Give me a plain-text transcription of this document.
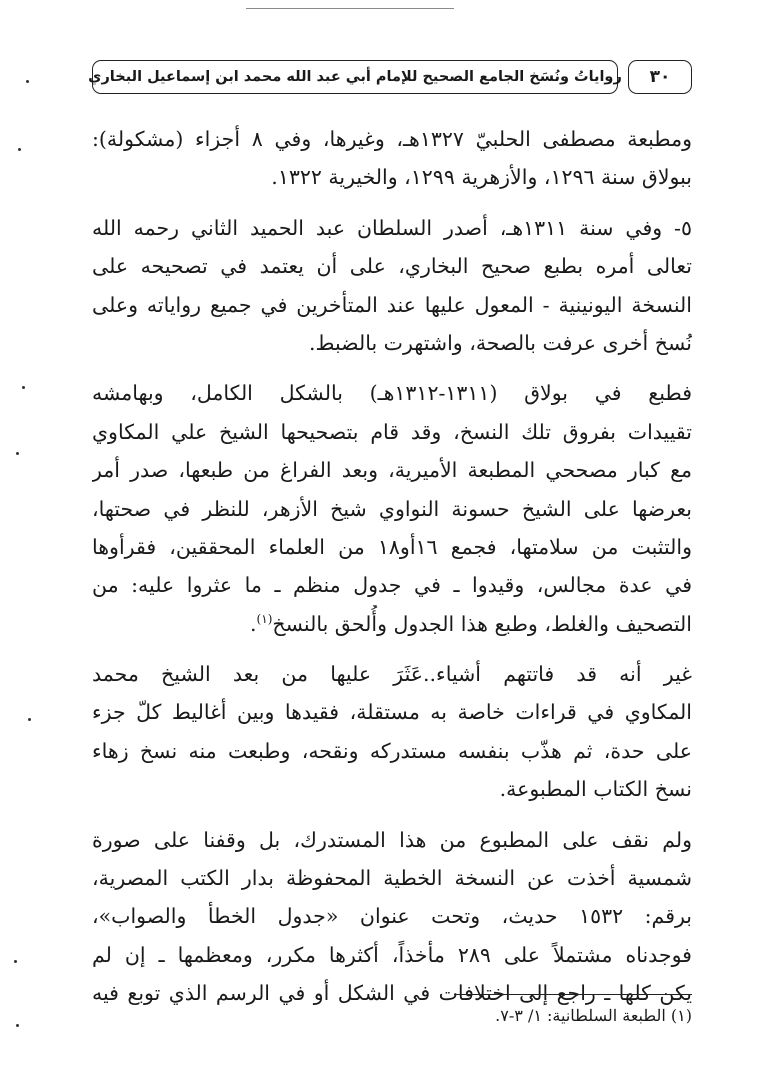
رواياتُ ونُسَخ الجامع الصحيح للإمام أبي عبد الله محمد ابن إسماعيل البخاري	٣٠
ومطبعة مصطفى الحلبيّ ١٣٢٧هـ، وغيرها، وفي ٨ أجزاء (مشكولة):
ببولاق سنة ١٢٩٦، والأزهرية ١٢٩٩، والخيرية ١٣٢٢.
٥- وفي سنة ١٣١١هـ، أصدر السلطان عبد الحميد الثاني رحمه الله
تعالى أمره بطبع صحيح البخاري، على أن يعتمد في تصحيحه على
النسخة اليونينية - المعول عليها عند المتأخرين في جميع رواياته وعلى
نُسخ أخرى عرفت بالصحة، واشتهرت بالضبط.
فطبع في بولاق (١٣١١-١٣١٢هـ) بالشكل الكامل، وبهامشه
تقييدات بفروق تلك النسخ، وقد قام بتصحيحها الشيخ علي المكاوي
مع كبار مصححي المطبعة الأميرية، وبعد الفراغ من طبعها، صدر أمر
بعرضها على الشيخ حسونة النواوي شيخ الأزهر، للنظر في صحتها،
والتثبت من سلامتها، فجمع ١٦أو١٨ من العلماء المحققين، فقرأوها
في عدة مجالس، وقيدوا ـ في جدول منظم ـ ما عثروا عليه: من
التصحيف والغلط، وطبع هذا الجدول وأُلحق بالنسخ$^{(١)}$.
غير أنه قد فاتتهم أشياء..عَثَرَ عليها من بعد الشيخ محمد
المكاوي في قراءات خاصة به مستقلة، فقيدها وبين أغاليط كلّ جزء
على حدة، ثم هذّب بنفسه مستدركه ونقحه، وطبعت منه نسخ زهاء
نسخ الكتاب المطبوعة.
ولم نقف على المطبوع من هذا المستدرك، بل وقفنا على صورة
شمسية أخذت عن النسخة الخطية المحفوظة بدار الكتب المصرية،
برقم: ١٥٣٢ حديث، وتحت عنوان «جدول الخطأ والصواب»،
فوجدناه مشتملاً على ٢٨٩ مأخذاً، أكثرها مكرر، ومعظمها ـ إن لم
يكن كلها ـ راجع إلى اختلافات في الشكل أو في الرسم الذي توبع فيه
(١) الطبعة السلطانية: ١/ ٣-٧.
